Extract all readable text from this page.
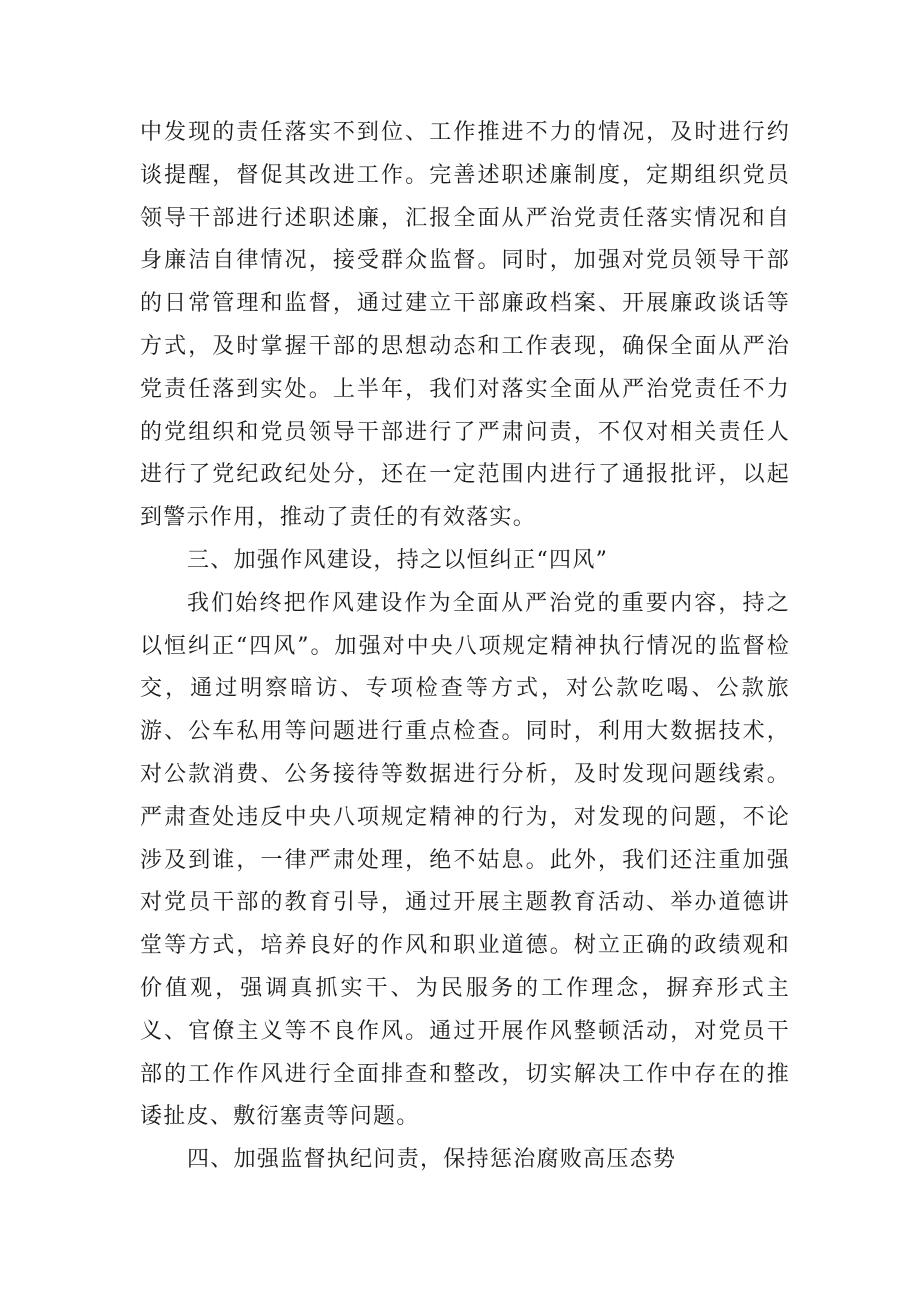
中发现的责任落实不到位、工作推进不力的情况，及时进行约谈提醒，督促其改进工作。完善述职述廉制度，定期组织党员领导干部进行述职述廉，汇报全面从严治党责任落实情况和自身廉洁自律情况，接受群众监督。同时，加强对党员领导干部的日常管理和监督，通过建立干部廉政档案、开展廉政谈话等方式，及时掌握干部的思想动态和工作表现，确保全面从严治党责任落到实处。上半年，我们对落实全面从严治党责任不力的党组织和党员领导干部进行了严肃问责，不仅对相关责任人进行了党纪政纪处分，还在一定范围内进行了通报批评，以起到警示作用，推动了责任的有效落实。

三、加强作风建设，持之以恒纠正“四风”

我们始终把作风建设作为全面从严治党的重要内容，持之以恒纠正“四风”。加强对中央八项规定精神执行情况的监督检交，通过明察暗访、专项检查等方式，对公款吃喝、公款旅游、公车私用等问题进行重点检查。同时，利用大数据技术，对公款消费、公务接待等数据进行分析，及时发现问题线索。严肃查处违反中央八项规定精神的行为，对发现的问题，不论涉及到谁，一律严肃处理，绝不姑息。此外，我们还注重加强对党员干部的教育引导，通过开展主题教育活动、举办道德讲堂等方式，培养良好的作风和职业道德。树立正确的政绩观和价值观，强调真抓实干、为民服务的工作理念，摒弃形式主义、官僚主义等不良作风。通过开展作风整顿活动，对党员干部的工作作风进行全面排查和整改，切实解决工作中存在的推诿扯皮、敷衍塞责等问题。

四、加强监督执纪问责，保持惩治腐败高压态势
